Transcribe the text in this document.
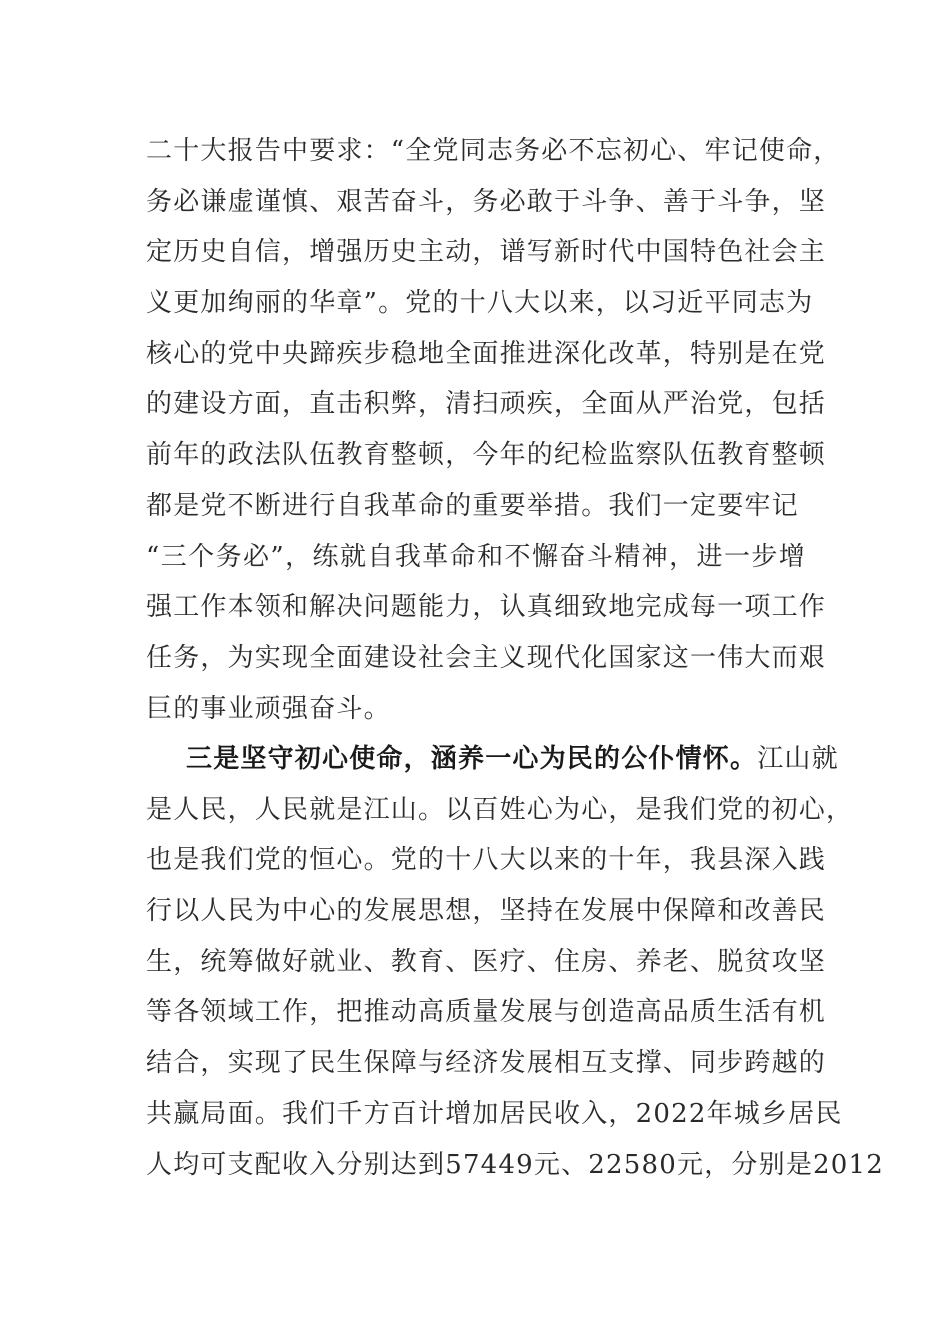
二十大报告中要求：“全党同志务必不忘初心、牢记使命，
务必谦虚谨慎、艰苦奋斗，务必敢于斗争、善于斗争，坚
定历史自信，增强历史主动，谱写新时代中国特色社会主
义更加绚丽的华章”。党的十八大以来，以习近平同志为
核心的党中央蹄疾步稳地全面推进深化改革，特别是在党
的建设方面，直击积弊，清扫顽疾，全面从严治党，包括
前年的政法队伍教育整顿，今年的纪检监察队伍教育整顿
都是党不断进行自我革命的重要举措。我们一定要牢记
“三个务必”，练就自我革命和不懈奋斗精神，进一步增
强工作本领和解决问题能力，认真细致地完成每一项工作
任务，为实现全面建设社会主义现代化国家这一伟大而艰
巨的事业顽强奋斗。
三是坚守初心使命，涵养一心为民的公仆情怀。江山就
是人民，人民就是江山。以百姓心为心，是我们党的初心，
也是我们党的恒心。党的十八大以来的十年，我县深入践
行以人民为中心的发展思想，坚持在发展中保障和改善民
生，统筹做好就业、教育、医疗、住房、养老、脱贫攻坚
等各领域工作，把推动高质量发展与创造高品质生活有机
结合，实现了民生保障与经济发展相互支撑、同步跨越的
共赢局面。我们千方百计增加居民收入，2022年城乡居民
人均可支配收入分别达到57449元、22580元，分别是2012
